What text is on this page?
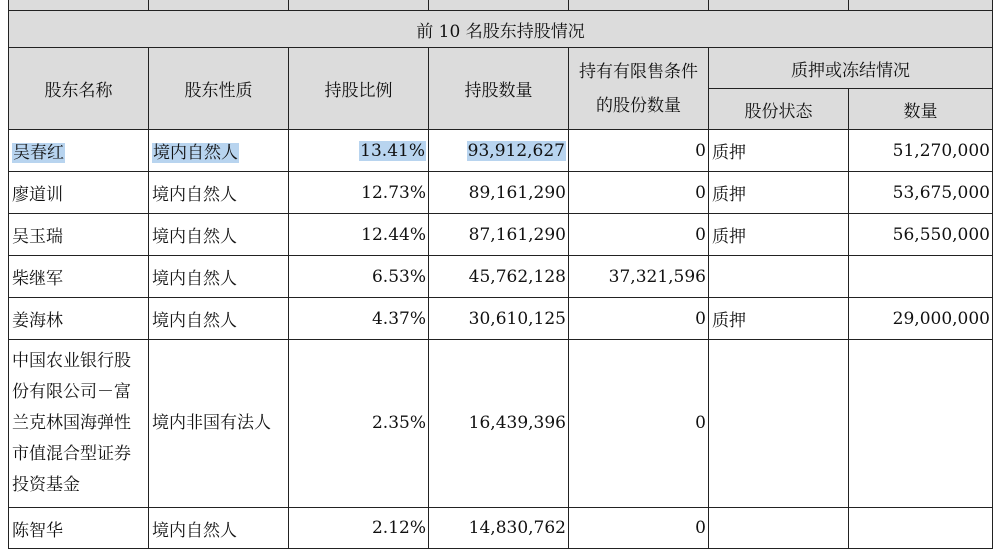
前 10 名股东持股情况						
股东名称	股东性质	持股比例	持股数量	持有有限售条件
的股份数量	质押或冻结情况	
					股份状态	数量
吴春红	境内自然人	13.41%	93,912,627	0	质押	51,270,000
廖道训	境内自然人	12.73%	89,161,290	0	质押	53,675,000
吴玉瑞	境内自然人	12.44%	87,161,290	0	质押	56,550,000
柴继军	境内自然人	6.53%	45,762,128	37,321,596		
姜海林	境内自然人	4.37%	30,610,125	0	质押	29,000,000

中国农业银行股
份有限公司－富
兰克林国海弹性
市值混合型证券
投资基金	境内非国有法人	2.35%	16,439,396	0		
陈智华	境内自然人	2.12%	14,830,762	0		
